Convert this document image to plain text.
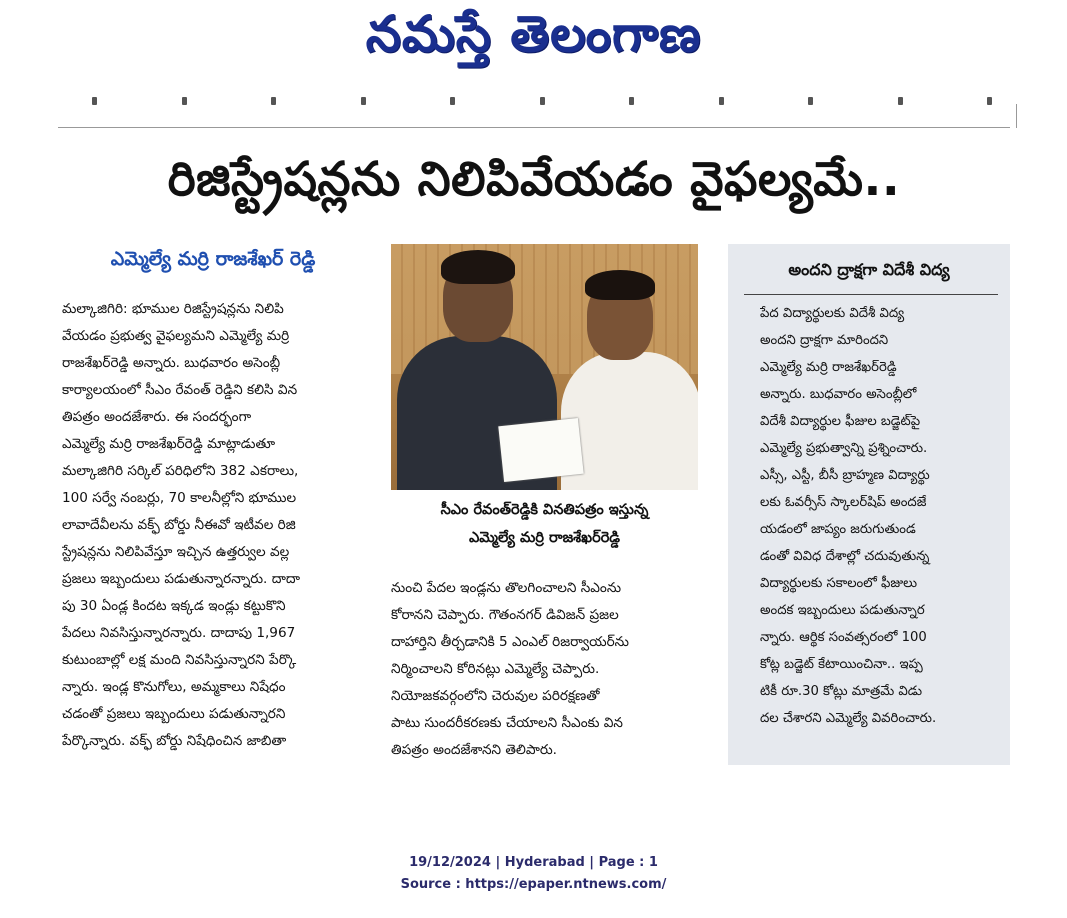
నమస్తే తెలంగాణ
రిజిస్ట్రేషన్లను నిలిపివేయడం వైఫల్యమే..
ఎమ్మెల్యే మర్రి రాజశేఖర్ రెడ్డి

మల్కాజిగిరి: భూముల రిజిస్ట్రేషన్లను నిలిపి

వేయడం ప్రభుత్వ వైఫల్యమని ఎమ్మెల్యే మర్రి

రాజశేఖర్‌రెడ్డి అన్నారు. బుధవారం అసెంబ్లీ

కార్యాలయంలో సీఎం రేవంత్ రెడ్డిని కలిసి విన

తిపత్రం అందజేశారు. ఈ సందర్భంగా

ఎమ్మెల్యే మర్రి రాజశేఖర్‌రెడ్డి మాట్లాడుతూ

మల్కాజిగిరి సర్కిల్ పరిధిలోని 382 ఎకరాలు,

100 సర్వే నంబర్లు, 70 కాలనీల్లోని భూముల

లావాదేవీలను వక్ఫ్ బోర్డు నీఈవో ఇటీవల రిజి

స్ట్రేషన్లను నిలిపివేస్తూ ఇచ్చిన ఉత్తర్వుల వల్ల

ప్రజలు ఇబ్బందులు పడుతున్నారన్నారు. దాదా

పు 30 ఏండ్ల కిందట ఇక్కడ ఇండ్లు కట్టుకొని

పేదలు నివసిస్తున్నారన్నారు. దాదాపు 1,967

కుటుంబాల్లో లక్ష మంది నివసిస్తున్నారని పేర్కొ

న్నారు. ఇండ్ల కొనుగోలు, అమ్మకాలు నిషేధం

చడంతో ప్రజలు ఇబ్బందులు పడుతున్నారని

పేర్కొన్నారు. వక్ఫ్ బోర్డు నిషేధించిన జాబితా

సీఎం రేవంత్‌రెడ్డికి వినతిపత్రం ఇస్తున్న

ఎమ్మెల్యే మర్రి రాజశేఖర్‌రెడ్డి

నుంచి పేదల ఇండ్లను తొలగించాలని సీఎంను

కోరానని చెప్పారు. గౌతంనగర్ డివిజన్ ప్రజల

దాహార్తిని తీర్చడానికి 5 ఎంఎల్ రిజర్వాయర్‌ను

నిర్మించాలని కోరినట్లు ఎమ్మెల్యే చెప్పారు.

నియోజకవర్గంలోని చెరువుల పరిరక్షణతో

పాటు సుందరీకరణకు చేయాలని సీఎంకు విన

తిపత్రం అందజేశానని తెలిపారు.

అందని ద్రాక్షగా విదేశీ విద్య

పేద విద్యార్థులకు విదేశీ విద్య

అందని ద్రాక్షగా మారిందని

ఎమ్మెల్యే మర్రి రాజశేఖర్‌రెడ్డి

అన్నారు. బుధవారం అసెంబ్లీలో

విదేశీ విద్యార్థుల ఫీజుల బడ్జెట్‌పై

ఎమ్మెల్యే ప్రభుత్వాన్ని ప్రశ్నించారు.

ఎస్సీ, ఎస్టీ, బీసీ బ్రాహ్మణ విద్యార్థు

లకు ఓవర్సీస్ స్కాలర్‌షిప్ అందజే

యడంలో జాప్యం జరుగుతుండ

డంతో వివిధ దేశాల్లో చదువుతున్న

విద్యార్థులకు సకాలంలో ఫీజులు

అందక ఇబ్బందులు పడుతున్నార

న్నారు. ఆర్థిక సంవత్సరంలో 100

కోట్ల బడ్జెట్ కేటాయించినా.. ఇప్ప

టికీ రూ.30 కోట్లు మాత్రమే విడు

దల చేశారని ఎమ్మెల్యే వివరించారు.

19/12/2024 | Hyderabad | Page : 1

Source : https://epaper.ntnews.com/
